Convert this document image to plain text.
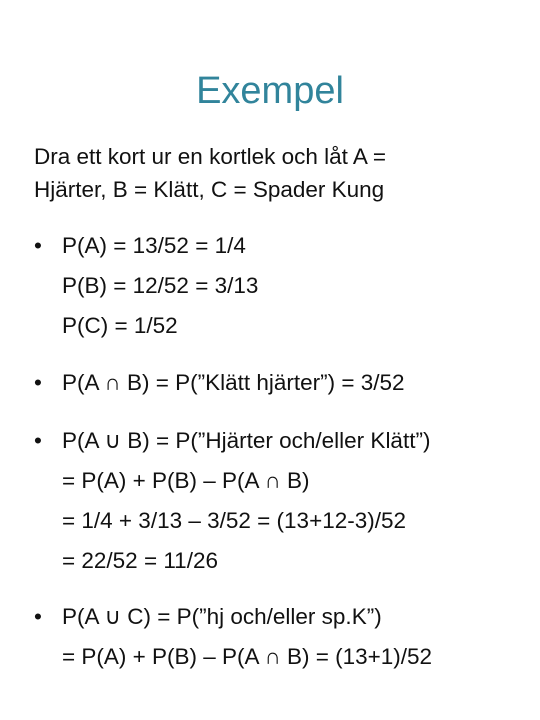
Exempel
Dra ett kort ur en kortlek och låt A =
Hjärter, B = Klätt, C = Spader Kung
• P(A) = 13/52 = 1/4
P(B) = 12/52 = 3/13
P(C) = 1/52
• P(A ∩ B) = P(”Klätt hjärter”) = 3/52
• P(A ∪ B) = P(”Hjärter och/eller Klätt”)
= P(A) + P(B) – P(A ∩ B)
= 1/4 + 3/13 – 3/52 = (13+12-3)/52
= 22/52 = 11/26
• P(A ∪ C) = P(”hj och/eller sp.K”)
= P(A) + P(B) – P(A ∩ B) = (13+1)/52
